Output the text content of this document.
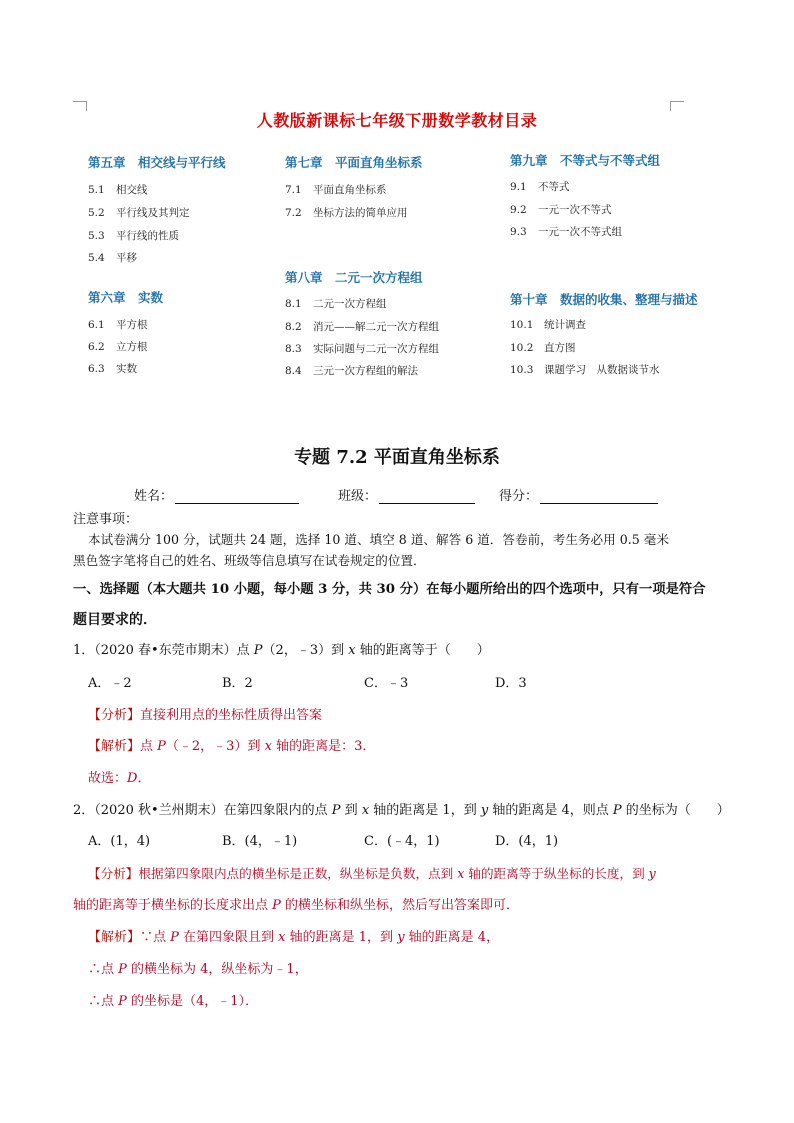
人教版新课标七年级下册数学教材目录
第五章　相交线与平行线
5.1 相交线
5.2 平行线及其判定
5.3 平行线的性质
5.4 平移
第六章　实数
6.1 平方根
6.2 立方根
6.3 实数
第七章　平面直角坐标系
7.1 平面直角坐标系
7.2 坐标方法的简单应用
第八章　二元一次方程组
8.1 二元一次方程组
8.2 消元——解二元一次方程组
8.3 实际问题与二元一次方程组
8.4 三元一次方程组的解法
第九章　不等式与不等式组
9.1 不等式
9.2 一元一次不等式
9.3 一元一次不等式组
第十章　数据的收集、整理与描述
10.1 统计调查
10.2 直方图
10.3 课题学习　从数据谈节水
专题 7.2 平面直角坐标系
姓名：	班级：	得分：
注意事项：
本试卷满分 100 分，试题共 24 题，选择 10 道、填空 8 道、解答 6 道．答卷前，考生务必用 0.5 毫米
黑色签字笔将自己的姓名、班级等信息填写在试卷规定的位置．
一、选择题（本大题共 10 小题，每小题 3 分，共 30 分）在每小题所给出的四个选项中，只有一项是符合
题目要求的．
1．（2020 春•东莞市期末）点 P（2，﹣3）到 x 轴的距离等于（　　）
A．﹣2	B．2	C．﹣3	D．3
【分析】直接利用点的坐标性质得出答案
【解析】点 P（﹣2，﹣3）到 x 轴的距离是：3．
故选：D．
2．（2020 秋•兰州期末）在第四象限内的点 P 到 x 轴的距离是 1，到 y 轴的距离是 4，则点 P 的坐标为（　　）
A．(1，4)	B．(4，﹣1)	C．(﹣4，1)	D．(4，1)
【分析】根据第四象限内点的横坐标是正数，纵坐标是负数，点到 x 轴的距离等于纵坐标的长度，到 y
轴的距离等于横坐标的长度求出点 P 的横坐标和纵坐标，然后写出答案即可．
【解析】∵点 P 在第四象限且到 x 轴的距离是 1，到 y 轴的距离是 4，
∴点 P 的横坐标为 4，纵坐标为﹣1，
∴点 P 的坐标是（4，﹣1）．
